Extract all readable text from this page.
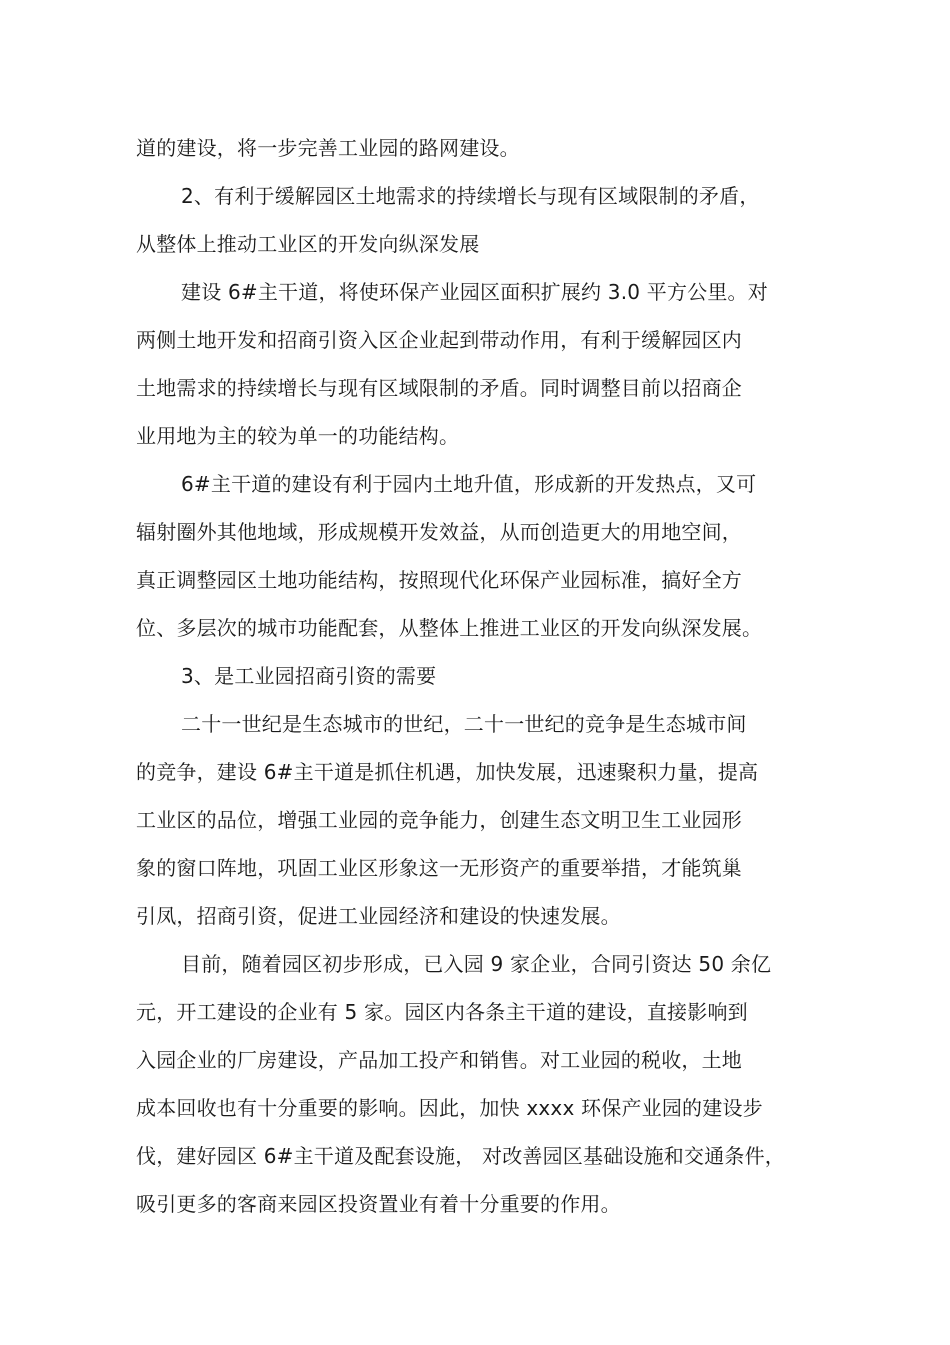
道的建设，将一步完善工业园的路网建设。
2、有利于缓解园区土地需求的持续增长与现有区域限制的矛盾，
从整体上推动工业区的开发向纵深发展
建设 6#主干道，将使环保产业园区面积扩展约 3.0 平方公里。对
两侧土地开发和招商引资入区企业起到带动作用，有利于缓解园区内
土地需求的持续增长与现有区域限制的矛盾。同时调整目前以招商企
业用地为主的较为单一的功能结构。
6#主干道的建设有利于园内土地升值，形成新的开发热点，又可
辐射圈外其他地域，形成规模开发效益，从而创造更大的用地空间，
真正调整园区土地功能结构，按照现代化环保产业园标准，搞好全方
位、多层次的城市功能配套，从整体上推进工业区的开发向纵深发展。
3、是工业园招商引资的需要
二十一世纪是生态城市的世纪，二十一世纪的竞争是生态城市间
的竞争，建设 6#主干道是抓住机遇，加快发展，迅速聚积力量，提高
工业区的品位，增强工业园的竞争能力，创建生态文明卫生工业园形
象的窗口阵地，巩固工业区形象这一无形资产的重要举措，才能筑巢
引凤，招商引资，促进工业园经济和建设的快速发展。
目前，随着园区初步形成，已入园 9 家企业，合同引资达 50 余亿
元，开工建设的企业有 5 家。园区内各条主干道的建设，直接影响到
入园企业的厂房建设，产品加工投产和销售。对工业园的税收，土地
成本回收也有十分重要的影响。因此，加快 xxxx 环保产业园的建设步
伐，建好园区 6#主干道及配套设施， 对改善园区基础设施和交通条件，
吸引更多的客商来园区投资置业有着十分重要的作用。
